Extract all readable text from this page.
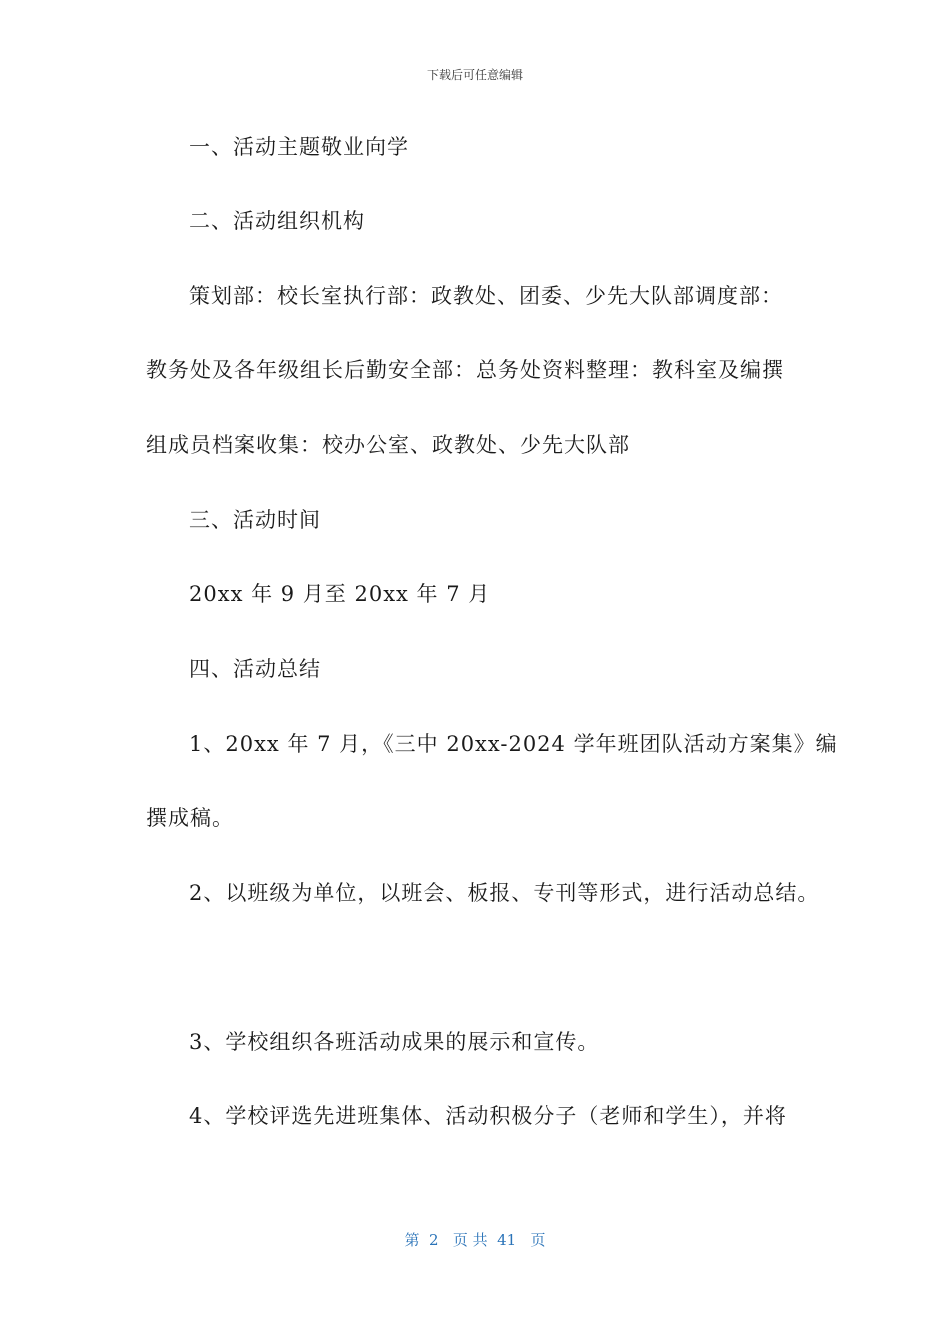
下载后可任意编辑
一、活动主题敬业向学
二、活动组织机构
策划部：校长室执行部：政教处、团委、少先大队部调度部：
教务处及各年级组长后勤安全部：总务处资料整理：教科室及编撰
组成员档案收集：校办公室、政教处、少先大队部
三、活动时间
20xx 年 9 月至 20xx 年 7 月
四、活动总结
1、20xx 年 7 月，《三中 20xx-2024 学年班团队活动方案集》编
撰成稿。
2、以班级为单位，以班会、板报、专刊等形式，进行活动总结。
3、学校组织各班活动成果的展示和宣传。
4、学校评选先进班集体、活动积极分子（老师和学生），并将
第  2   页 共  41   页
